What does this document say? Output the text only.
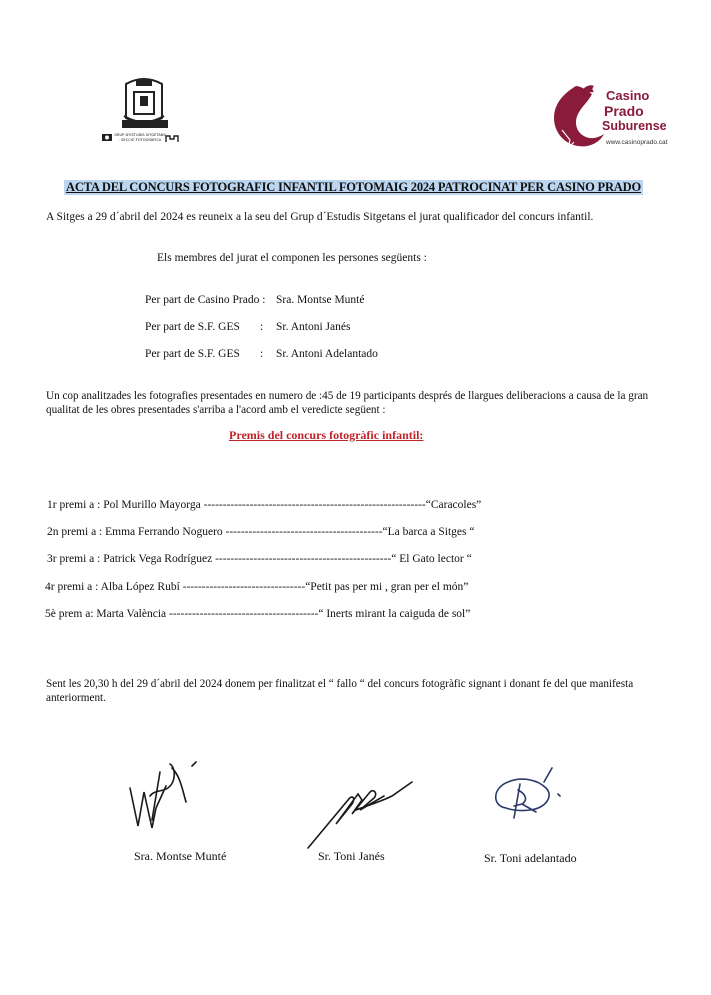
GRUP D'ESTUDIS SITGETANS · SECCIÓ FOTOGRÀFICA
Casino
Prado
Suburense
www.casinoprado.cat
ACTA DEL CONCURS FOTOGRAFIC INFANTIL FOTOMAIG 2024 PATROCINAT PER CASINO PRADO
A Sitges a 29 d´abril del 2024 es reuneix a la seu del Grup d´Estudis Sitgetans el jurat qualificador del concurs infantil.
Els membres del jurat el componen les persones següents :
Per part de Casino Prado : Sra. Montse Munté
Per part de S.F. GES       : Sr. Antoni Janés
Per part de S.F. GES       : Sr. Antoni Adelantado
Un cop analitzades les fotografies presentades en numero de :45 de 19 participants després de llargues deliberacions a causa de la gran
qualitat de les obres presentades s'arriba a l'acord amb el veredicte següent :
Premis del concurs fotogràfic infantil:
1r premi a : Pol Murillo Mayorga ----------------------------------------------------------“Caracoles”
2n premi a : Emma Ferrando Noguero -----------------------------------------“La barca a Sitges “
3r premi a : Patrick Vega Rodríguez ----------------------------------------------“ El Gato lector “
4r premi a : Alba López Rubí --------------------------------“Petit pas per mi , gran per el món”
5è prem a: Marta València ---------------------------------------“ Inerts mirant la caiguda de sol”
Sent les 20,30 h del 29 d´abril del 2024 donem per finalitzat el “ fallo “ del concurs fotogràfic signant i donant fe del que manifesta
anteriorment.
Sra. Montse Munté	Sr. Toni Janés	Sr. Toni adelantado
